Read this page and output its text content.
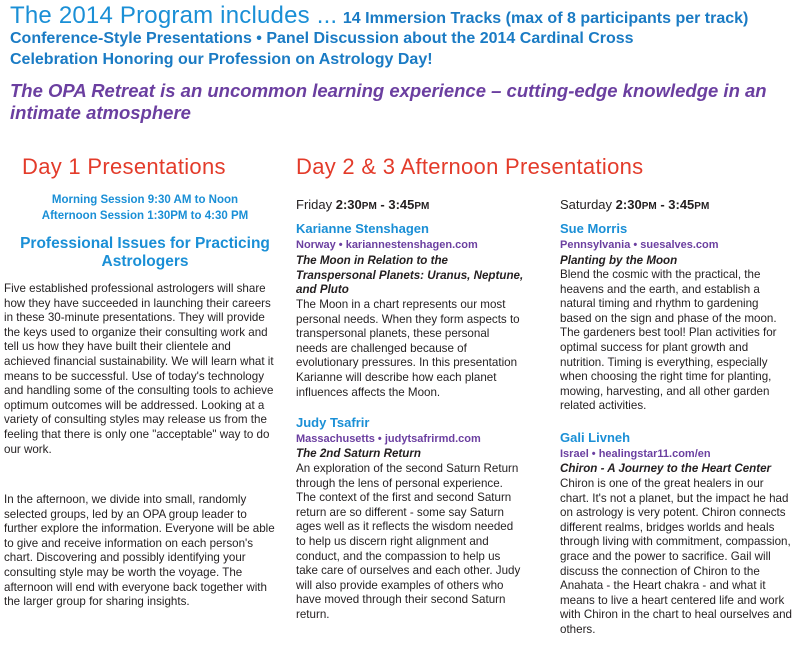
The 2014 Program includes ... 14 Immersion Tracks (max of 8 participants per track)
Conference-Style Presentations • Panel Discussion about the 2014 Cardinal Cross
Celebration Honoring our Profession on Astrology Day!
The OPA Retreat is an uncommon learning experience – cutting-edge knowledge in an intimate atmosphere
Day 1 Presentations
Morning Session 9:30 AM to Noon
Afternoon Session 1:30PM to 4:30 PM
Professional Issues for Practicing Astrologers
Five established professional astrologers will share how they have succeeded in launching their careers in these 30-minute presentations. They will provide the keys used to organize their consulting work and tell us how they have built their clientele and achieved financial sustainability. We will learn what it means to be successful. Use of today's technology and handling some of the consulting tools to achieve optimum outcomes will be addressed. Looking at a variety of consulting styles may release us from the feeling that there is only one "acceptable" way to do our work.
In the afternoon, we divide into small, randomly selected groups, led by an OPA group leader to further explore the information. Everyone will be able to give and receive information on each person's chart. Discovering and possibly identifying your consulting style may be worth the voyage. The afternoon will end with everyone back together with the larger group for sharing insights.
Day 2 & 3 Afternoon Presentations
Friday 2:30PM - 3:45PM
Karianne Stenshagen
Norway • kariannestenshagen.com
The Moon in Relation to the Transpersonal Planets: Uranus, Neptune, and Pluto
The Moon in a chart represents our most personal needs. When they form aspects to transpersonal planets, these personal needs are challenged because of evolutionary pressures. In this presentation Karianne will describe how each planet influences affects the Moon.
Judy Tsafrir
Massachusetts • judytsafrirmd.com
The 2nd Saturn Return
An exploration of the second Saturn Return through the lens of personal experience. The context of the first and second Saturn return are so different - some say Saturn ages well as it reflects the wisdom needed to help us discern right alignment and conduct, and the compassion to help us take care of ourselves and each other. Judy will also provide examples of others who have moved through their second Saturn return.
Saturday 2:30PM - 3:45PM
Sue Morris
Pennsylvania • suesalves.com
Planting by the Moon
Blend the cosmic with the practical, the heavens and the earth, and establish a natural timing and rhythm to gardening based on the sign and phase of the moon. The gardeners best tool! Plan activities for optimal success for plant growth and nutrition. Timing is everything, especially when choosing the right time for planting, mowing, harvesting, and all other garden related activities.
Gali Livneh
Israel • healingstar11.com/en
Chiron - A Journey to the Heart Center
Chiron is one of the great healers in our chart. It's not a planet, but the impact he had on astrology is very potent. Chiron connects different realms, bridges worlds and heals through living with commitment, compassion, grace and the power to sacrifice. Gail will discuss the connection of Chiron to the Anahata - the Heart chakra - and what it means to live a heart centered life and work with Chiron in the chart to heal ourselves and others.
